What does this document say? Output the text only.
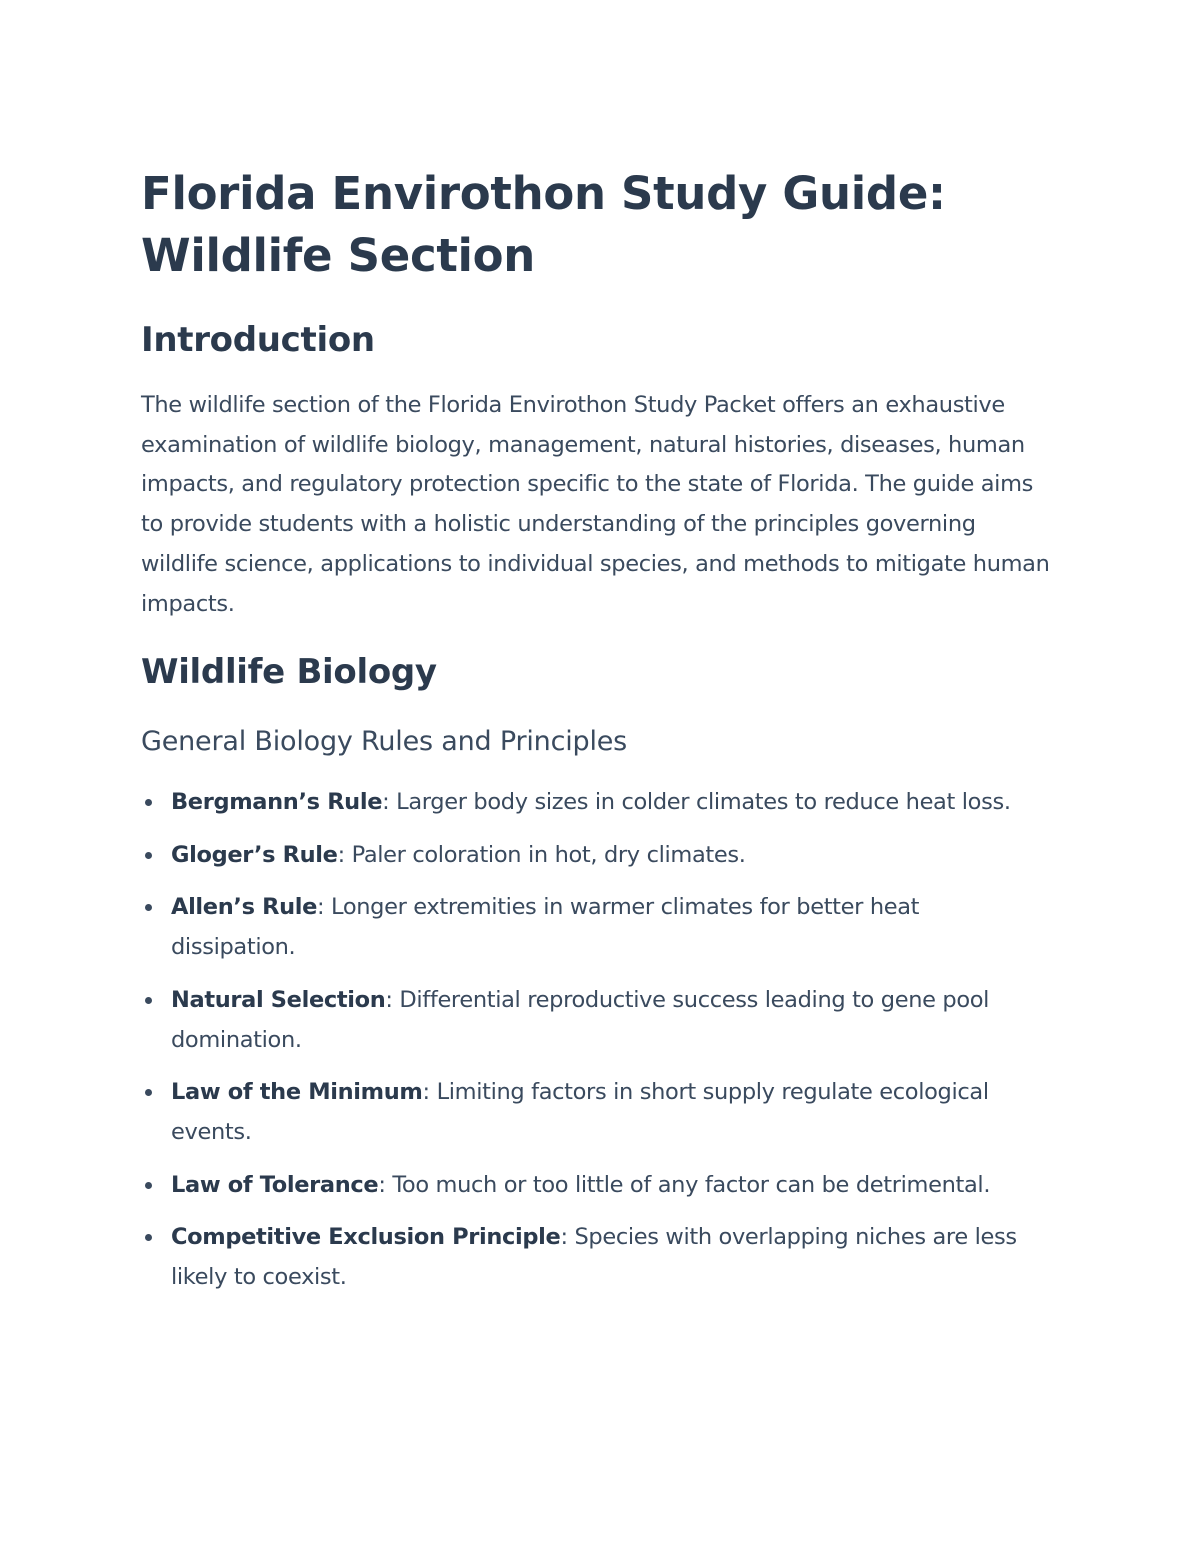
Florida Envirothon Study Guide: Wildlife Section
Introduction

The wildlife section of the Florida Envirothon Study Packet offers an exhaustive examination of wildlife biology, management, natural histories, diseases, human impacts, and regulatory protection specific to the state of Florida. The guide aims to provide students with a holistic understanding of the principles governing wildlife science, applications to individual species, and methods to mitigate human impacts.

Wildlife Biology
General Biology Rules and Principles
Bergmann’s Rule: Larger body sizes in colder climates to reduce heat loss.
Gloger’s Rule: Paler coloration in hot, dry climates.
Allen’s Rule: Longer extremities in warmer climates for better heat dissipation.
Natural Selection: Differential reproductive success leading to gene pool domination.
Law of the Minimum: Limiting factors in short supply regulate ecological events.
Law of Tolerance: Too much or too little of any factor can be detrimental.
Competitive Exclusion Principle: Species with overlapping niches are less likely to coexist.
